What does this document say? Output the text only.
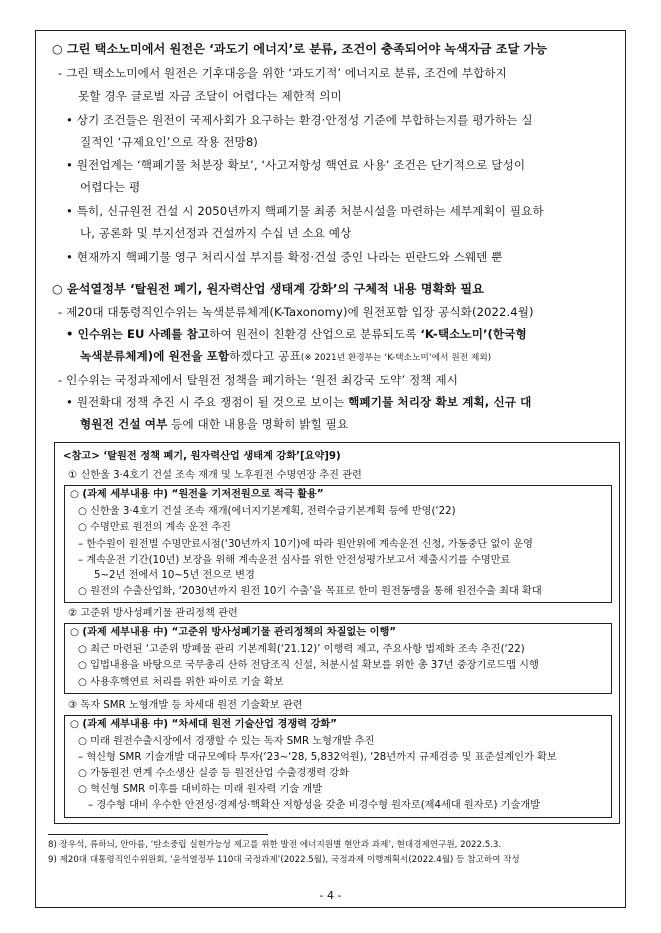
○ 그린 택소노미에서 원전은 ‘과도기 에너지’로 분류, 조건이 충족되어야 녹색자금 조달 가능
- 그린 택소노미에서 원전은 기후대응을 위한 ‘과도기적’ 에너지로 분류, 조건에 부합하지
못할 경우 글로벌 자금 조달이 어렵다는 제한적 의미
• 상기 조건들은 원전이 국제사회가 요구하는 환경·안정성 기준에 부합하는지를 평가하는 실
질적인 ‘규제요인’으로 작용 전망8)
• 원전업계는 ‘핵폐기물 처분장 확보’, ‘사고저항성 핵연료 사용’ 조건은 단기적으로 달성이
어렵다는 평
• 특히, 신규원전 건설 시 2050년까지 핵폐기물 최종 처분시설을 마련하는 세부계획이 필요하
나, 공론화 및 부지선정과 건설까지 수십 년 소요 예상
• 현재까지 핵폐기물 영구 처리시설 부지를 확정·건설 중인 나라는 핀란드와 스웨덴 뿐
○ 윤석열정부 ‘탈원전 폐기, 원자력산업 생태계 강화’의 구체적 내용 명확화 필요
- 제20대 대통령직인수위는 녹색분류체계(K-Taxonomy)에 원전포함 입장 공식화(2022.4월)
• 인수위는 EU 사례를 참고하여 원전이 친환경 산업으로 분류되도록 ‘K-택소노미’(한국형
녹색분류체계)에 원전을 포함하겠다고 공표(※ 2021년 환경부는 ‘K-택소노미’에서 원전 제외)
- 인수위는 국정과제에서 탈원전 정책을 폐기하는 ‘원전 최강국 도약’ 정책 제시
• 원전확대 정책 추진 시 주요 쟁점이 될 것으로 보이는 핵폐기물 처리장 확보 계획, 신규 대
형원전 건설 여부 등에 대한 내용을 명확히 밝힐 필요
<참고> ‘탈원전 정책 폐기, 원자력산업 생태계 강화’[요약]9)
① 신한울 3·4호기 건설 조속 재개 및 노후원전 수명연장 추진 관련
○ (과제 세부내용 中) “원전을 기저전원으로 적극 활용”
○ 신한울 3·4호기 건설 조속 재개(에너지기본계획, 전력수급기본계획 등에 반영(‘22)
○ 수명만료 원전의 계속 운전 추진
– 한수원이 원전별 수명만료시점(‘30년까지 10기)에 따라 원안위에 계속운전 신청, 가동중단 없이 운영
– 계속운전 기간(10년) 보장을 위해 계속운전 심사를 위한 안전성평가보고서 제출시기를 수명만료
5~2년 전에서 10~5년 전으로 변경
○ 원전의 수출산업화, ‘2030년까지 원전 10기 수출’을 목표로 한미 원전동맹을 통해 원전수출 최대 확대
② 고준위 방사성폐기물 관리정책 관련
○ (과제 세부내용 中) “고준위 방사성폐기물 관리정책의 차질없는 이행”
○ 최근 마련된 ‘고준위 방폐물 관리 기본계획(‘21.12)’ 이행력 제고, 주요사항 법제화 조속 추진(‘22)
○ 입법내용을 바탕으로 국무총리 산하 전담조직 신설, 처분시설 확보를 위한 총 37년 중장기로드맵 시행
○ 사용후핵연료 처리를 위한 파이로 기술 확보
③ 독자 SMR 노형개발 등 차세대 원전 기술확보 관련
○ (과제 세부내용 中) “차세대 원전 기술산업 경쟁력 강화”
○ 미래 원전수출시장에서 경쟁할 수 있는 독자 SMR 노형개발 추진
– 혁신형 SMR 기술개발 대규모예타 투자(‘23~‘28, 5,832억원), ‘28년까지 규제검증 및 표준설계인가 확보
○ 가동원전 연계 수소생산 실증 등 원전산업 수출경쟁력 강화
○ 혁신형 SMR 이후를 대비하는 미래 원자력 기술 개발
– 경수형 대비 우수한 안전성·경제성·핵확산 저항성을 갖춘 비경수형 원자로(제4세대 원자로) 기술개발
8) 장우석, 류하늬, 안아름, ‘탄소중립 실현가능성 제고를 위한 발전 에너지원별 현안과 과제’, 현대경제연구원, 2022.5.3.
9) 제20대 대통령직인수위원회, ‘윤석열정부 110대 국정과제’(2022.5월), 국정과제 이행계획서(2022.4월) 등 참고하여 작성
- 4 -
